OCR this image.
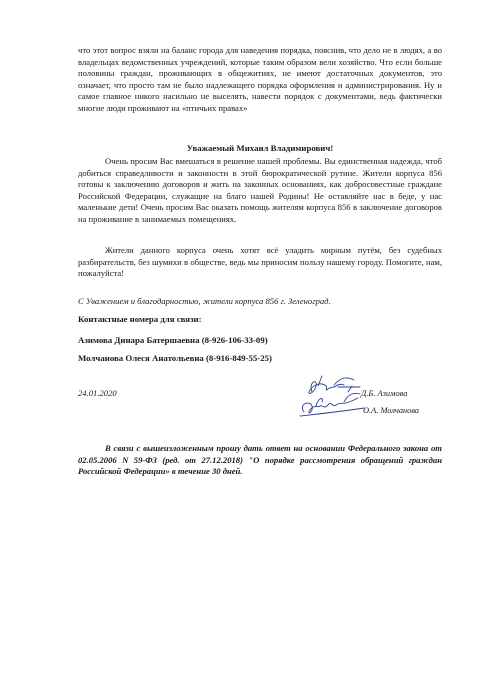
что этот вопрос взяли на баланс города для наведения порядка, пояснив, что дело не в людях, а во владельцах ведомственных учреждений, которые таким образом вели хозяйство. Что если больше половины граждан, проживающих в общежитиях, не имеют достаточных документов, это означает, что просто там не было надлежащего порядка оформления и администрирования. Ну и самое главное никого насильно не выселять, навести порядок с документами, ведь фактически многие люди проживают на «птичьих правах»

Уважаемый Михаил Владимирович!

Очень просим Вас вмешаться в решение нашей проблемы. Вы единственная надежда, чтоб добиться справедливости и законности в этой бюрократической рутине. Жители корпуса 856 готовы к заключению договоров и жить на законных основаниях, как добросовестные граждане Российской Федерации, служащие на благо нашей Родины! Не оставляйте нас в беде, у нас маленькие дети! Очень просим Вас оказать помощь жителям корпуса 856 в заключение договоров на проживание в занимаемых помещениях.

Жители данного корпуса очень хотят всё уладить мирным путём, без судебных разбирательств, без шумихи в обществе, ведь мы приносим пользу нашему городу. Помогите, нам, пожалуйста!

С Уважением и благодарностью, жители корпуса 856 г. Зеленоград.

Контактные номера для связи:

Азимова Динара Батершаевна (8-926-106-33-09)

Молчанова Олеся Анатольевна (8-916-849-55-25)

24.01.2020	Д.Б. Азимова

О.А. Молчанова

В связи с вышеизложенным прошу дать ответ на основании Федерального закона от 02.05.2006 N 59-ФЗ (ред. от 27.12.2018) "О порядке рассмотрения обращений граждан Российской Федерации» в течение 30 дней.
